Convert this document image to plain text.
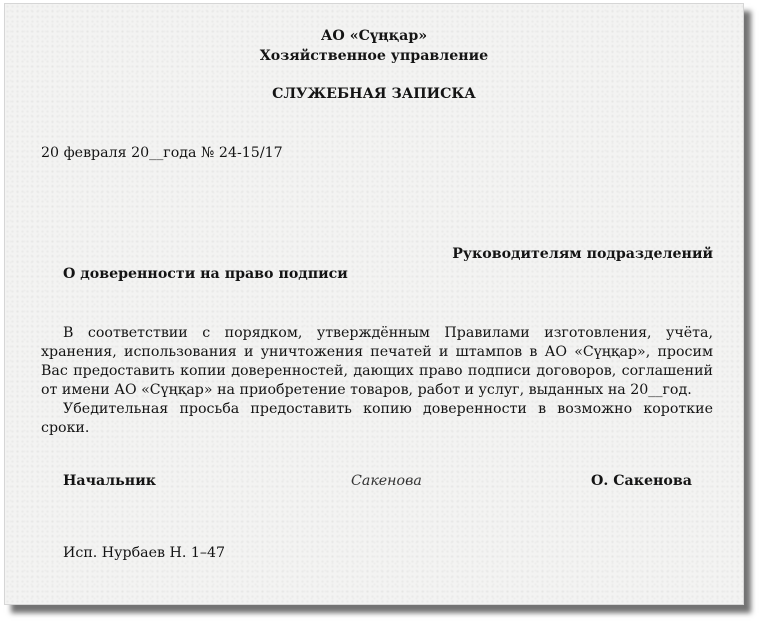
АО «Сүңқар»
Хозяйственное управление
СЛУЖЕБНАЯ ЗАПИСКА
20 февраля 20__года № 24-15/17
Руководителям подразделений
О доверенности на право подписи

В соответствии с порядком, утверждённым Правилами изготовления, учёта, хранения, использования и уничтожения печатей и штампов в АО «Сүңқар», просим Вас предоставить копии доверенностей, дающих право подписи договоров, соглашений от имени АО «Сүңқар» на приобретение товаров, работ и услуг, выданных на 20__год.

Убедительная просьба предоставить копию доверенности в возможно короткие сроки.

Начальник	Сакенова	О. Сакенова
Исп. Нурбаев Н. 1–47
